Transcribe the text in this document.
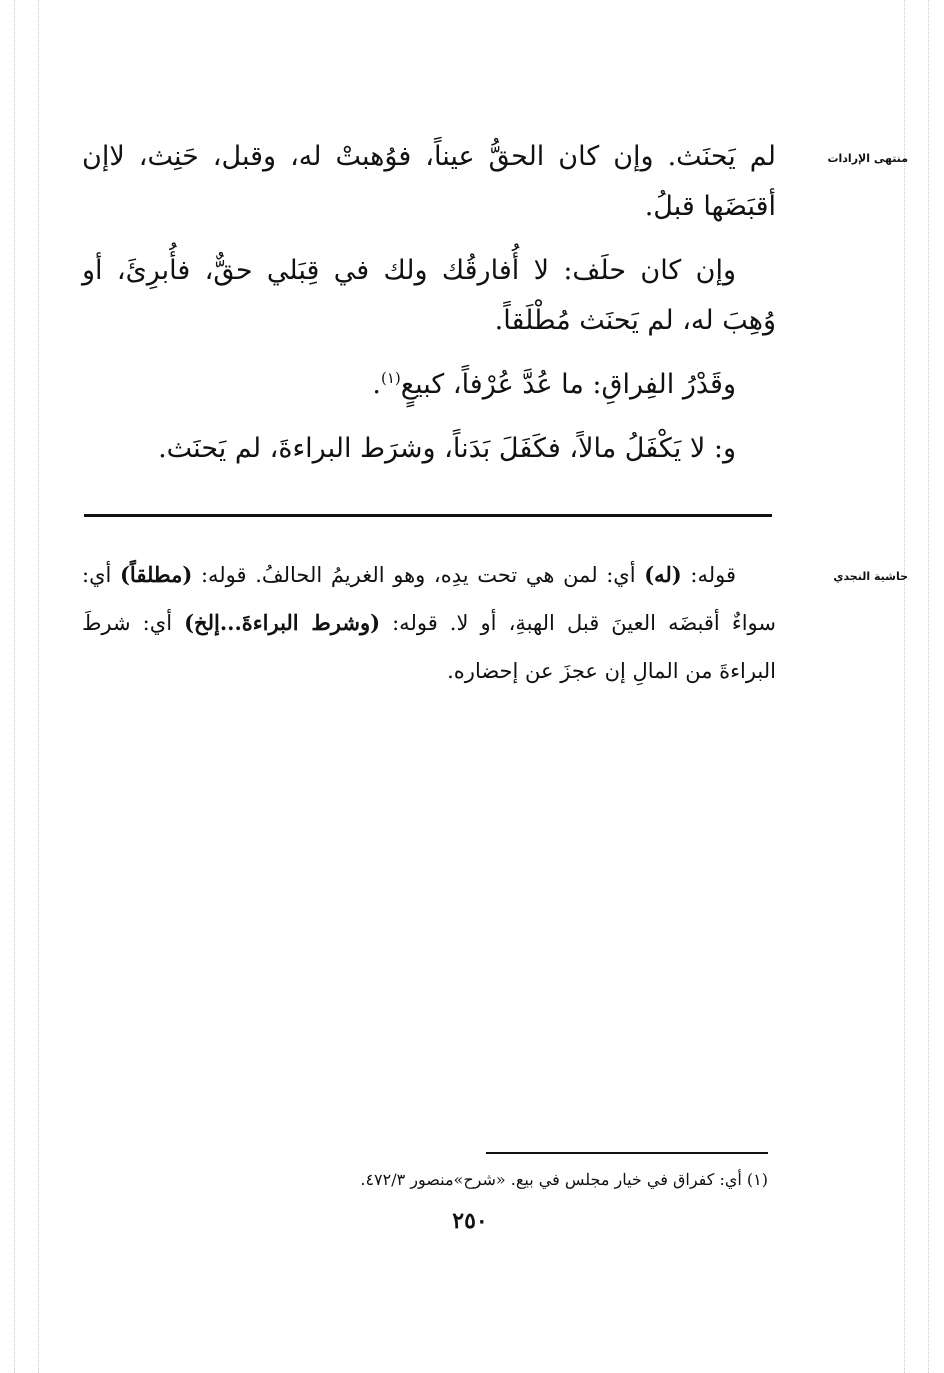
منتهى الإرادات

لم يَحنَث. وإن كان الحقُّ عيناً، فوُهبتْ له، وقبل، حَنِث، لاإن أقبَضَها قبلُ.

وإن كان حلَف: لا أُفارقُك ولك في قِبَلي حقٌّ، فأُبرِئَ، أو وُهِبَ له، لم يَحنَث مُطْلَقاً.

وقَدْرُ الفِراقِ: ما عُدَّ عُرْفاً، كبيعٍ$^{(١)}$.

و: لا يَكْفَلُ مالاً، فكَفَلَ بَدَناً، وشرَط البراءةَ، لم يَحنَث.

حاشية النجدي

قوله: (له) أي: لمن هي تحت يدِه، وهو الغريمُ الحالفُ. قوله: (مطلقاً) أي: سواءٌ أقبضَه العينَ قبل الهبةِ، أو لا. قوله: (وشرط البراءةَ...إلخ) أي: شرطَ البراءةَ من المالِ إن عجزَ عن إحضاره.

(١) أي: كفراق في خيار مجلس في بيع. «شرح»منصور ٤٧٢/٣.
٢٥٠
